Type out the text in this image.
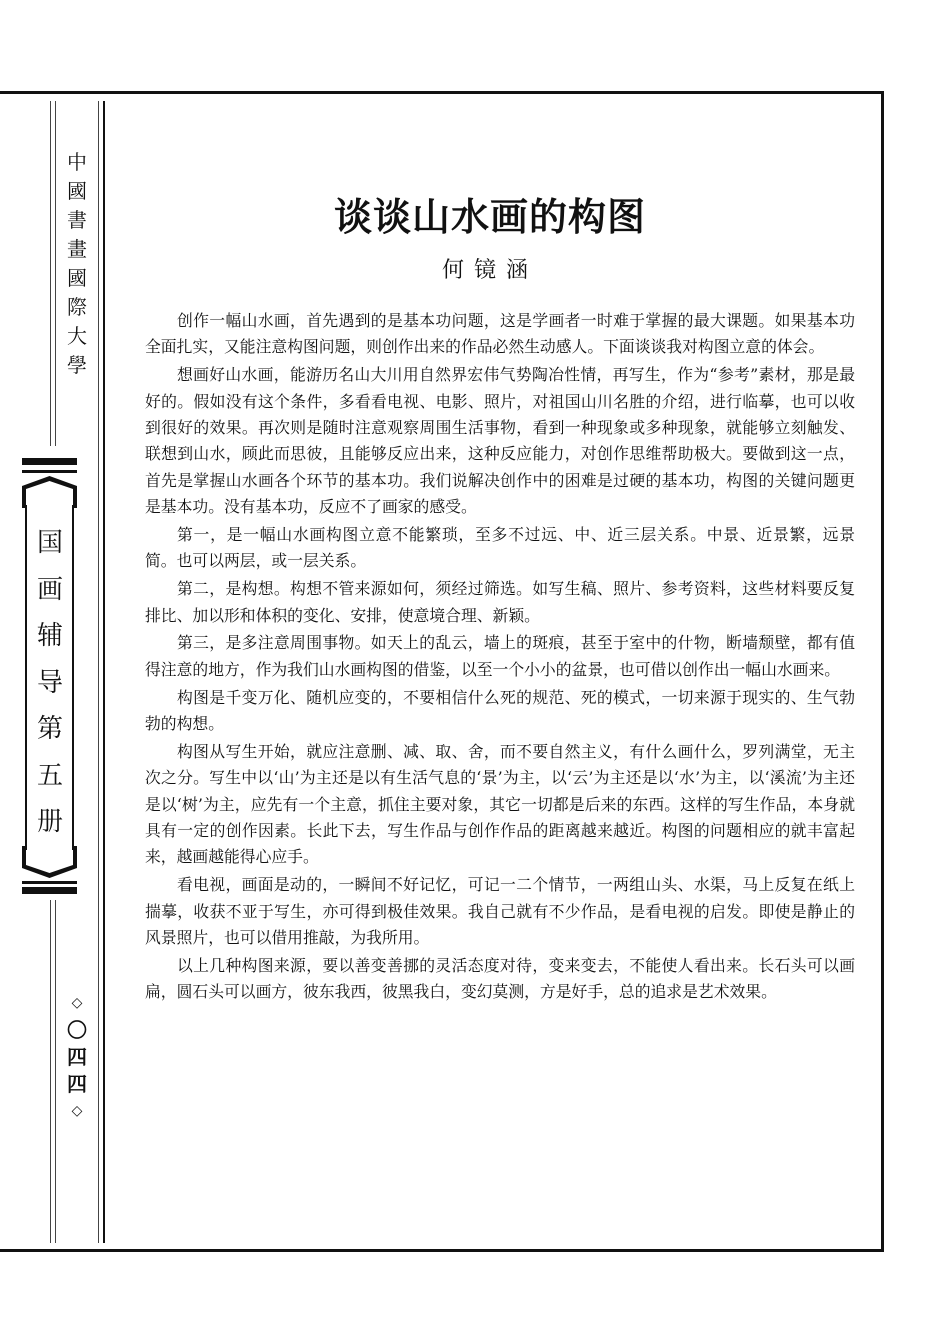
中
國
書
畫
國
際
大
學
国
画
辅
导
第
五
册
◇
〇
四
四
◇
谈谈山水画的构图
何镜涵

创作一幅山水画，首先遇到的是基本功问题，这是学画者一时难于掌握的最大课题。如果基本功全面扎实，又能注意构图问题，则创作出来的作品必然生动感人。下面谈谈我对构图立意的体会。

想画好山水画，能游历名山大川用自然界宏伟气势陶冶性情，再写生，作为“参考”素材，那是最好的。假如没有这个条件，多看看电视、电影、照片，对祖国山川名胜的介绍，进行临摹，也可以收到很好的效果。再次则是随时注意观察周围生活事物，看到一种现象或多种现象，就能够立刻触发、联想到山水，顾此而思彼，且能够反应出来，这种反应能力，对创作思维帮助极大。要做到这一点，首先是掌握山水画各个环节的基本功。我们说解决创作中的困难是过硬的基本功，构图的关键问题更是基本功。没有基本功，反应不了画家的感受。

第一，是一幅山水画构图立意不能繁琐，至多不过远、中、近三层关系。中景、近景繁，远景简。也可以两层，或一层关系。

第二，是构想。构想不管来源如何，须经过筛选。如写生稿、照片、参考资料，这些材料要反复排比、加以形和体积的变化、安排，使意境合理、新颖。

第三，是多注意周围事物。如天上的乱云，墙上的斑痕，甚至于室中的什物，断墙颓壁，都有值得注意的地方，作为我们山水画构图的借鉴，以至一个小小的盆景，也可借以创作出一幅山水画来。

构图是千变万化、随机应变的，不要相信什么死的规范、死的模式，一切来源于现实的、生气勃勃的构想。

构图从写生开始，就应注意删、减、取、舍，而不要自然主义，有什么画什么，罗列满堂，无主次之分。写生中以‘山’为主还是以有生活气息的‘景’为主，以‘云’为主还是以‘水’为主，以‘溪流’为主还是以‘树’为主，应先有一个主意，抓住主要对象，其它一切都是后来的东西。这样的写生作品，本身就具有一定的创作因素。长此下去，写生作品与创作作品的距离越来越近。构图的问题相应的就丰富起来，越画越能得心应手。

看电视，画面是动的，一瞬间不好记忆，可记一二个情节，一两组山头、水渠，马上反复在纸上揣摹，收获不亚于写生，亦可得到极佳效果。我自己就有不少作品，是看电视的启发。即使是静止的风景照片，也可以借用推敲，为我所用。

以上几种构图来源，要以善变善挪的灵活态度对待，变来变去，不能使人看出来。长石头可以画扁，圆石头可以画方，彼东我西，彼黑我白，变幻莫测，方是好手，总的追求是艺术效果。
